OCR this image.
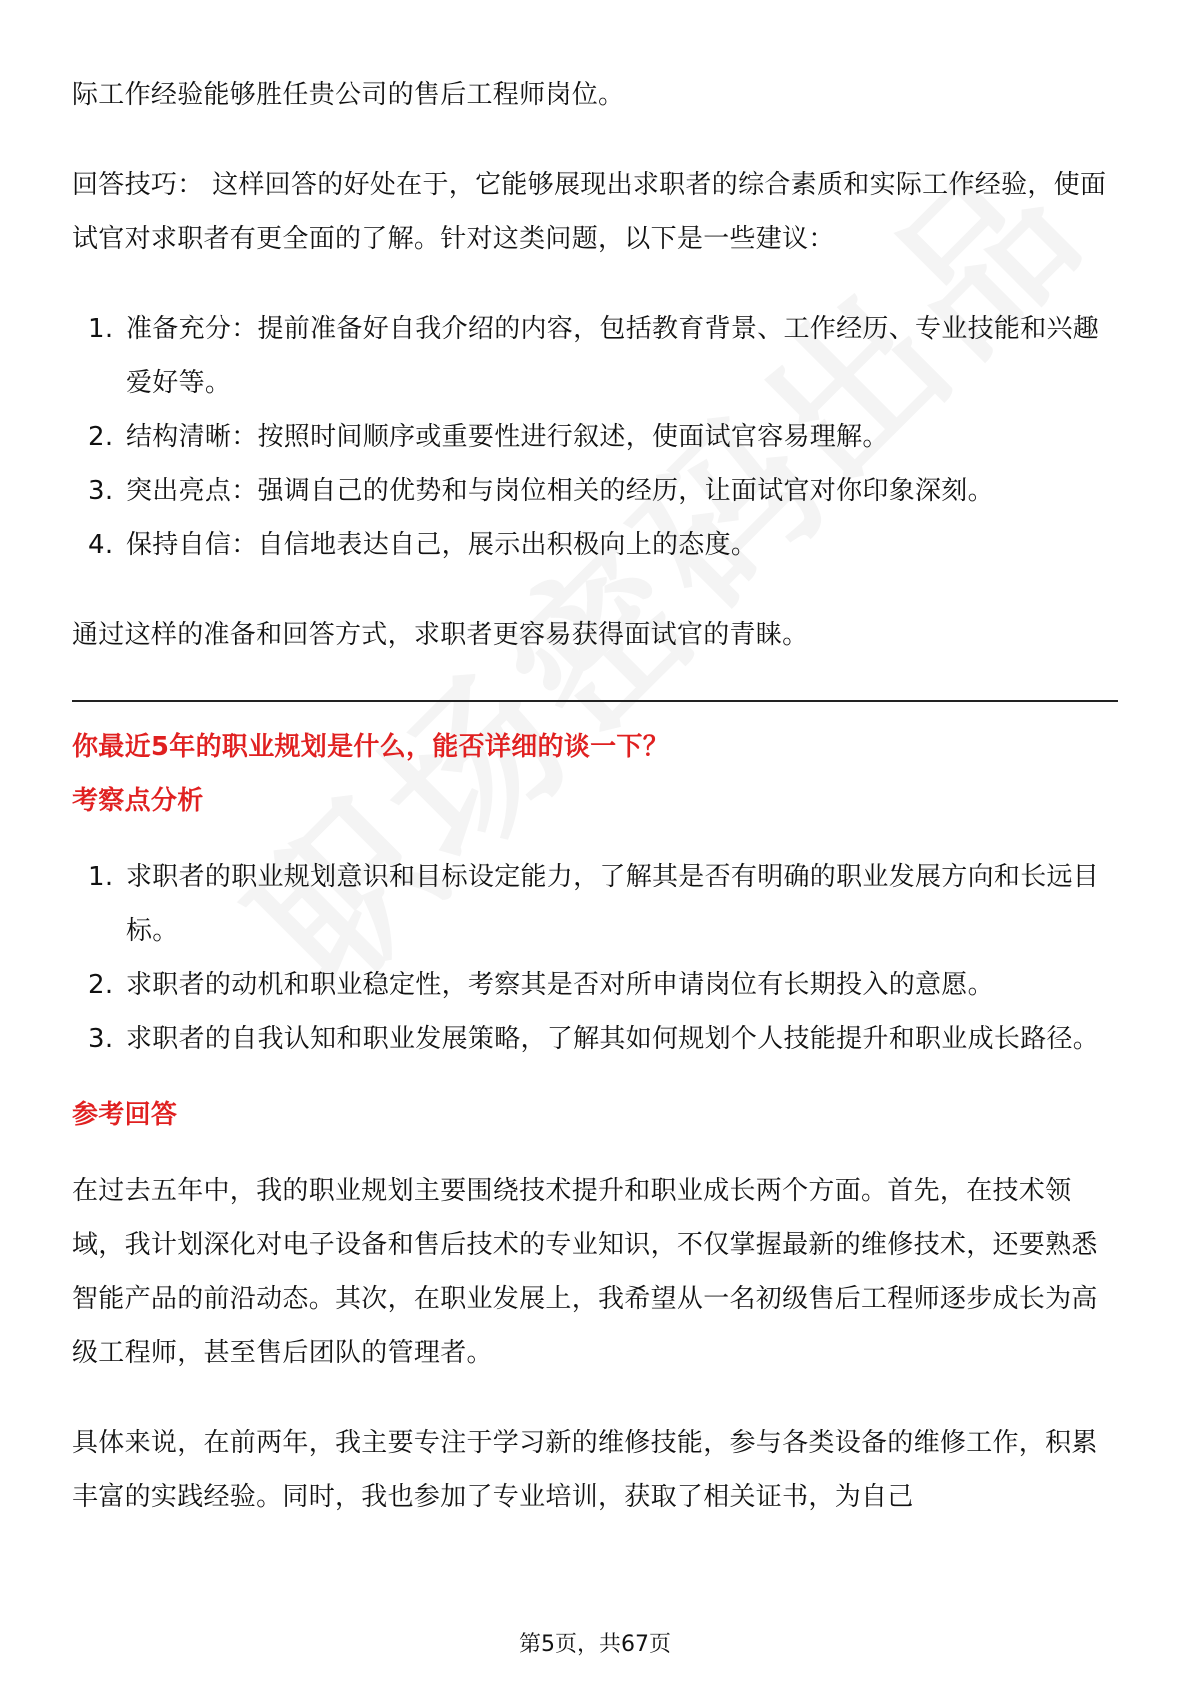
际工作经验能够胜任贵公司的售后工程师岗位。

回答技巧： 这样回答的好处在于，它能够展现出求职者的综合素质和实际工作经验，使面试官对求职者有更全面的了解。针对这类问题，以下是一些建议：

1. 准备充分：提前准备好自我介绍的内容，包括教育背景、工作经历、专业技能和兴趣爱好等。
2. 结构清晰：按照时间顺序或重要性进行叙述，使面试官容易理解。
3. 突出亮点：强调自己的优势和与岗位相关的经历，让面试官对你印象深刻。
4. 保持自信：自信地表达自己，展示出积极向上的态度。

通过这样的准备和回答方式，求职者更容易获得面试官的青睐。

你最近5年的职业规划是什么，能否详细的谈一下？

考察点分析

1. 求职者的职业规划意识和目标设定能力，了解其是否有明确的职业发展方向和长远目标。
2. 求职者的动机和职业稳定性，考察其是否对所申请岗位有长期投入的意愿。
3. 求职者的自我认知和职业发展策略，了解其如何规划个人技能提升和职业成长路径。

参考回答

在过去五年中，我的职业规划主要围绕技术提升和职业成长两个方面。首先，在技术领域，我计划深化对电子设备和售后技术的专业知识，不仅掌握最新的维修技术，还要熟悉智能产品的前沿动态。其次，在职业发展上，我希望从一名初级售后工程师逐步成长为高级工程师，甚至售后团队的管理者。

具体来说，在前两年，我主要专注于学习新的维修技能，参与各类设备的维修工作，积累丰富的实践经验。同时，我也参加了专业培训，获取了相关证书，为自己

第5页，共67页
